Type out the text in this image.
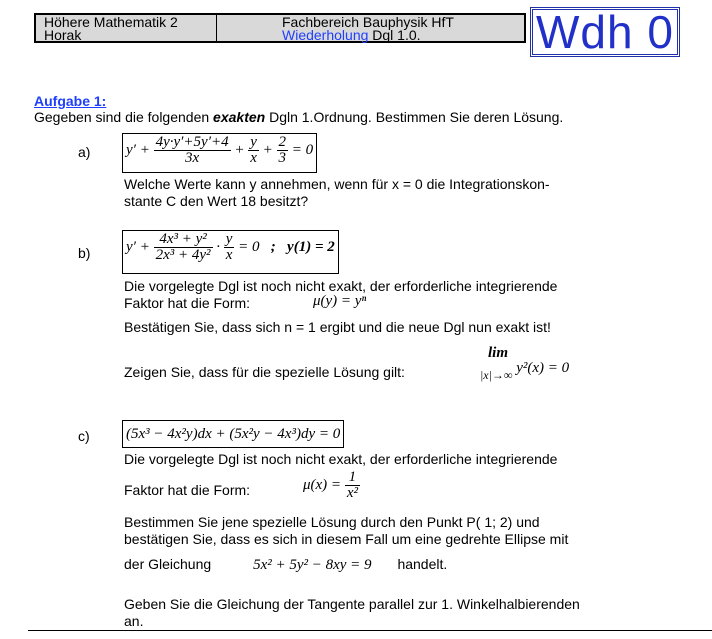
Höhere Mathematik 2
Horak
Fachbereich Bauphysik HfT
Wiederholung Dgl 1.0.	Wdh 0
Aufgabe 1:
Gegeben sind die folgenden exakten Dgln 1.Ordnung. Bestimmen Sie deren Lösung.
a) $y' + \frac{4y\cdot y'+5y'+4}{3x} + \frac{y}{x} + \frac{2}{3} = 0$
Welche Werte kann y annehmen, wenn für x = 0 die Integrationskon-
stante C den Wert 18 besitzt?
b) $y' + \frac{\text{4x³ + y²}}{\text{2x³ + 4y²}} \cdot \frac{y}{x} = 0$   ; y(1) = 2
Die vorgelegte Dgl ist noch nicht exakt, der erforderliche integrierende
Faktor hat die Form:	μ(y) = yⁿ
Bestätigen Sie, dass sich n = 1 ergibt und die neue Dgl nun exakt ist!
Zeigen Sie, dass für die spezielle Lösung gilt:
lim
$_{|x|\to\infty}$ y²(x) = 0
c) (5x³ − 4x²y)dx + (5x²y − 4x³)dy = 0
Die vorgelegte Dgl ist noch nicht exakt, der erforderliche integrierende
Faktor hat die Form:	$\mu(x) = \frac{1}{\text{x²}}$
Bestimmen Sie jene spezielle Lösung durch den Punkt P( 1; 2) und
bestätigen Sie, dass es sich in diesem Fall um eine gedrehte Ellipse mit
der Gleichung	5x² + 5y² − 8xy = 9 handelt.
Geben Sie die Gleichung der Tangente parallel zur 1. Winkelhalbierenden
an.
